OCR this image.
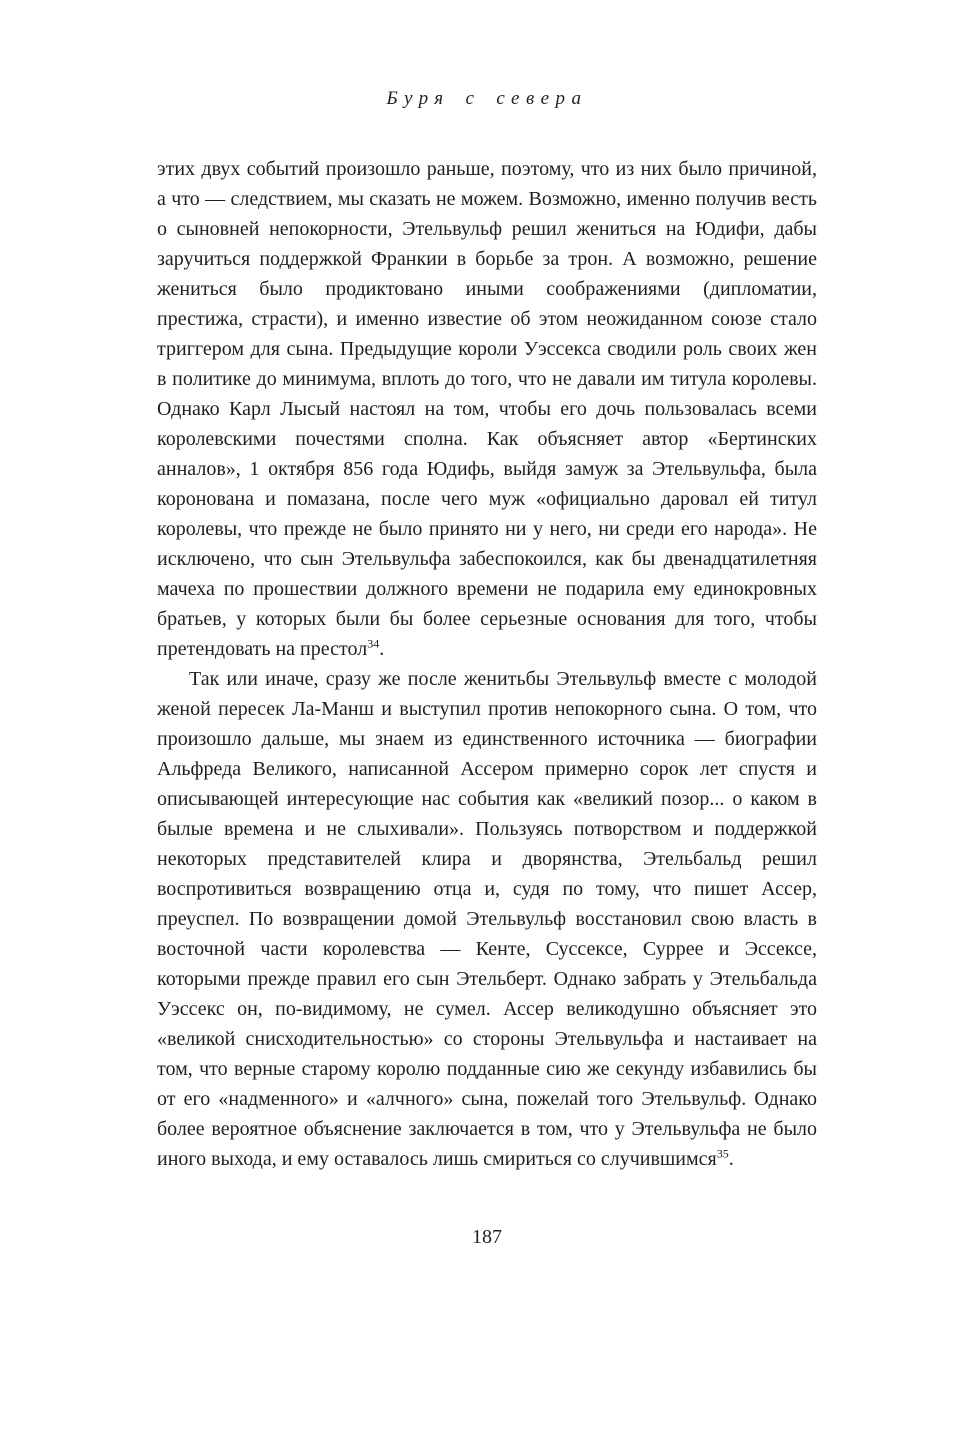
Буря с севера

этих двух событий произошло раньше, поэтому, что из них было причиной, а что — следствием, мы сказать не можем. Возможно, именно получив весть о сыновней непокорности, Этельвульф решил жениться на Юдифи, дабы заручиться поддержкой Франкии в борьбе за трон. А возможно, решение жениться было продиктовано иными соображениями (дипломатии, престижа, страсти), и именно известие об этом неожиданном союзе стало триггером для сына. Предыдущие короли Уэссекса сводили роль своих жен в политике до минимума, вплоть до того, что не давали им титула королевы. Однако Карл Лысый настоял на том, чтобы его дочь пользовалась всеми королевскими почестями сполна. Как объясняет автор «Бертинских анналов», 1 октября 856 года Юдифь, выйдя замуж за Этельвульфа, была коронована и помазана, после чего муж «официально даровал ей титул королевы, что прежде не было принято ни у него, ни среди его народа». Не исключено, что сын Этельвульфа забеспокоился, как бы двенадцатилетняя мачеха по прошествии должного времени не подарила ему единокровных братьев, у которых были бы более серьезные основания для того, чтобы претендовать на престол$^{34}$.

Так или иначе, сразу же после женитьбы Этельвульф вместе с молодой женой пересек Ла-Манш и выступил против непокорного сына. О том, что произошло дальше, мы знаем из единственного источника — биографии Альфреда Великого, написанной Ассером примерно сорок лет спустя и описывающей интересующие нас события как «великий позор... о каком в былые времена и не слыхивали». Пользуясь потворством и поддержкой некоторых представителей клира и дворянства, Этельбальд решил воспротивиться возвращению отца и, судя по тому, что пишет Ассер, преуспел. По возвращении домой Этельвульф восстановил свою власть в восточной части королевства — Кенте, Суссексе, Суррее и Эссексе, которыми прежде правил его сын Этельберт. Однако забрать у Этельбальда Уэссекс он, по-видимому, не сумел. Ассер великодушно объясняет это «великой снисходительностью» со стороны Этельвульфа и настаивает на том, что верные старому королю подданные сию же секунду избавились бы от его «надменного» и «алчного» сына, пожелай того Этельвульф. Однако более вероятное объяснение заключается в том, что у Этельвульфа не было иного выхода, и ему оставалось лишь смириться со случившимся$^{35}$.

187
